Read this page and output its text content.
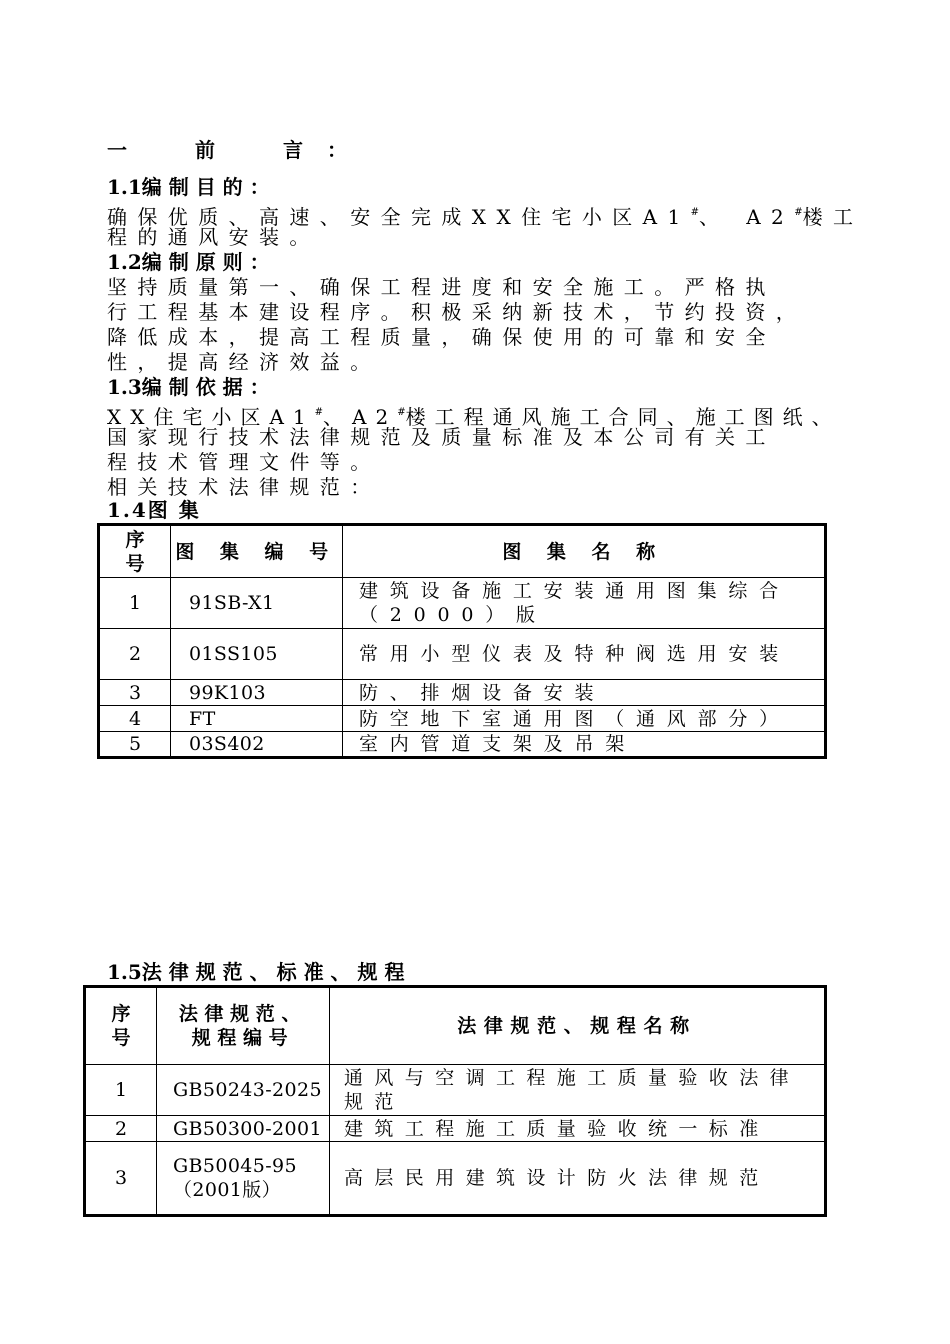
一　前　言：
1.1编 制 目 的 ：
确保优质、高速、安全完成XX住宅小区A1#、 A2#楼工
程的通风安装。
1.2编 制 原 则 ：
坚持质量第一、确保工程进度和安全施工。严格执
行工程基本建设程序。积极采纳新技术，节约投资，
降低成本，提高工程质量，确保使用的可靠和安全
性，提高经济效益。
1.3编 制 依 据 ：
XX住宅小区A1#、A2#楼工程通风施工合同、施工图纸、
国家现行技术法律规范及质量标准及本公司有关工
程技术管理文件等。
相关技术法律规范：
1.4图 集
序号	图 集 编 号	图 集 名 称
1	91SB-X1	建筑设备施工安装通用图集综合（2000）版
2	01SS105	常用小型仪表及特种阀选用安装
3	99K103	防、排烟设备安装
4	FT	防空地下室通用图（通风部分）
5	03S402	室内管道支架及吊架
1.5法 律 规 范 、 标 准 、 规 程
序号	法律规范、规程编号	法律规范、规程名称
1	GB50243-2025	通风与空调工程施工质量验收法律规范
2	GB50300-2001	建筑工程施工质量验收统一标准
3	GB50045-95（2001版）	高层民用建筑设计防火法律规范
